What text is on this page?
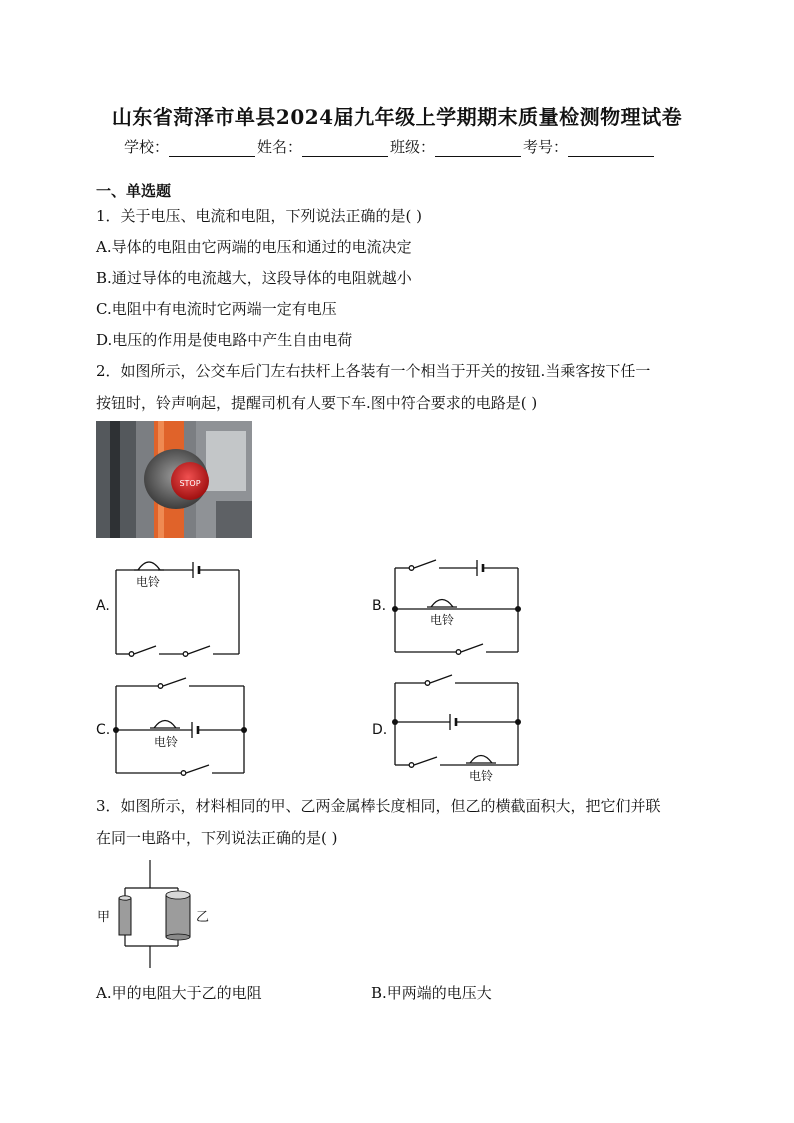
山东省菏泽市单县2024届九年级上学期期末质量检测物理试卷
学校：	姓名：	班级：	考号：
一、单选题
1．关于电压、电流和电阻，下列说法正确的是( )
A.导体的电阻由它两端的电压和通过的电流决定
B.通过导体的电流越大，这段导体的电阻就越小
C.电阻中有电流时它两端一定有电压
D.电压的作用是使电路中产生自由电荷
2．如图所示，公交车后门左右扶杆上各装有一个相当于开关的按钮.当乘客按下任一
按钮时，铃声响起，提醒司机有人要下车.图中符合要求的电路是( )
STOP
电铃
电铃
电铃
电铃
A.	B.
C.	D.
3．如图所示，材料相同的甲、乙两金属棒长度相同，但乙的横截面积大，把它们并联
在同一电路中，下列说法正确的是( )
甲	乙
A.甲的电阻大于乙的电阻	B.甲两端的电压大
